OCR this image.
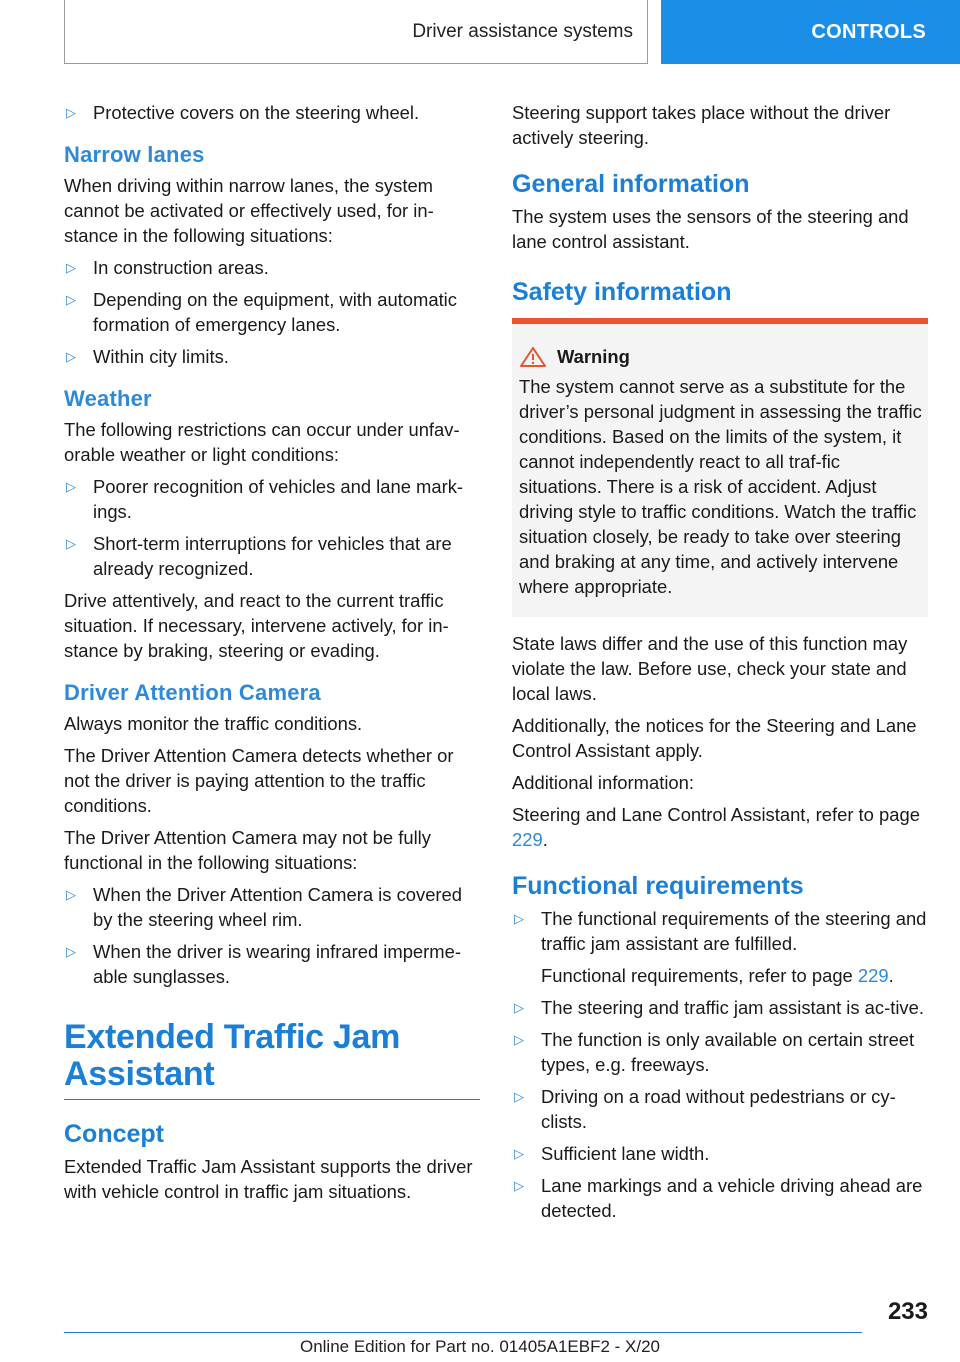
Driver assistance systems	CONTROLS
▷ Protective covers on the steering wheel.
Narrow lanes

When driving within narrow lanes, the system cannot be activated or effectively used, for in-stance in the following situations:

▷ In construction areas.
▷ Depending on the equipment, with automatic formation of emergency lanes.
▷ Within city limits.
Weather

The following restrictions can occur under unfav-orable weather or light conditions:

▷ Poorer recognition of vehicles and lane mark-ings.
▷ Short-term interruptions for vehicles that are already recognized.

Drive attentively, and react to the current traffic situation. If necessary, intervene actively, for in-stance by braking, steering or evading.

Driver Attention Camera

Always monitor the traffic conditions.

The Driver Attention Camera detects whether or not the driver is paying attention to the traffic conditions.

The Driver Attention Camera may not be fully functional in the following situations:

▷ When the Driver Attention Camera is covered by the steering wheel rim.
▷ When the driver is wearing infrared imperme-able sunglasses.
Extended Traffic Jam Assistant
Concept

Extended Traffic Jam Assistant supports the driver with vehicle control in traffic jam situations.

Steering support takes place without the driver actively steering.

General information

The system uses the sensors of the steering and lane control assistant.

Safety information
Warning

The system cannot serve as a substitute for the driver’s personal judgment in assessing the traffic conditions. Based on the limits of the system, it cannot independently react to all traf-fic situations. There is a risk of accident. Adjust driving style to traffic conditions. Watch the traffic situation closely, be ready to take over steering and braking at any time, and actively intervene where appropriate.

State laws differ and the use of this function may violate the law. Before use, check your state and local laws.

Additionally, the notices for the Steering and Lane Control Assistant apply.

Additional information:

Steering and Lane Control Assistant, refer to page 229.

Functional requirements
▷ The functional requirements of the steering and traffic jam assistant are fulfilled.
Functional requirements, refer to page 229.
▷ The steering and traffic jam assistant is ac-tive.
▷ The function is only available on certain street types, e.g. freeways.
▷ Driving on a road without pedestrians or cy-clists.
▷ Sufficient lane width.
▷ Lane markings and a vehicle driving ahead are detected.
233
Online Edition for Part no. 01405A1EBF2 - X/20
